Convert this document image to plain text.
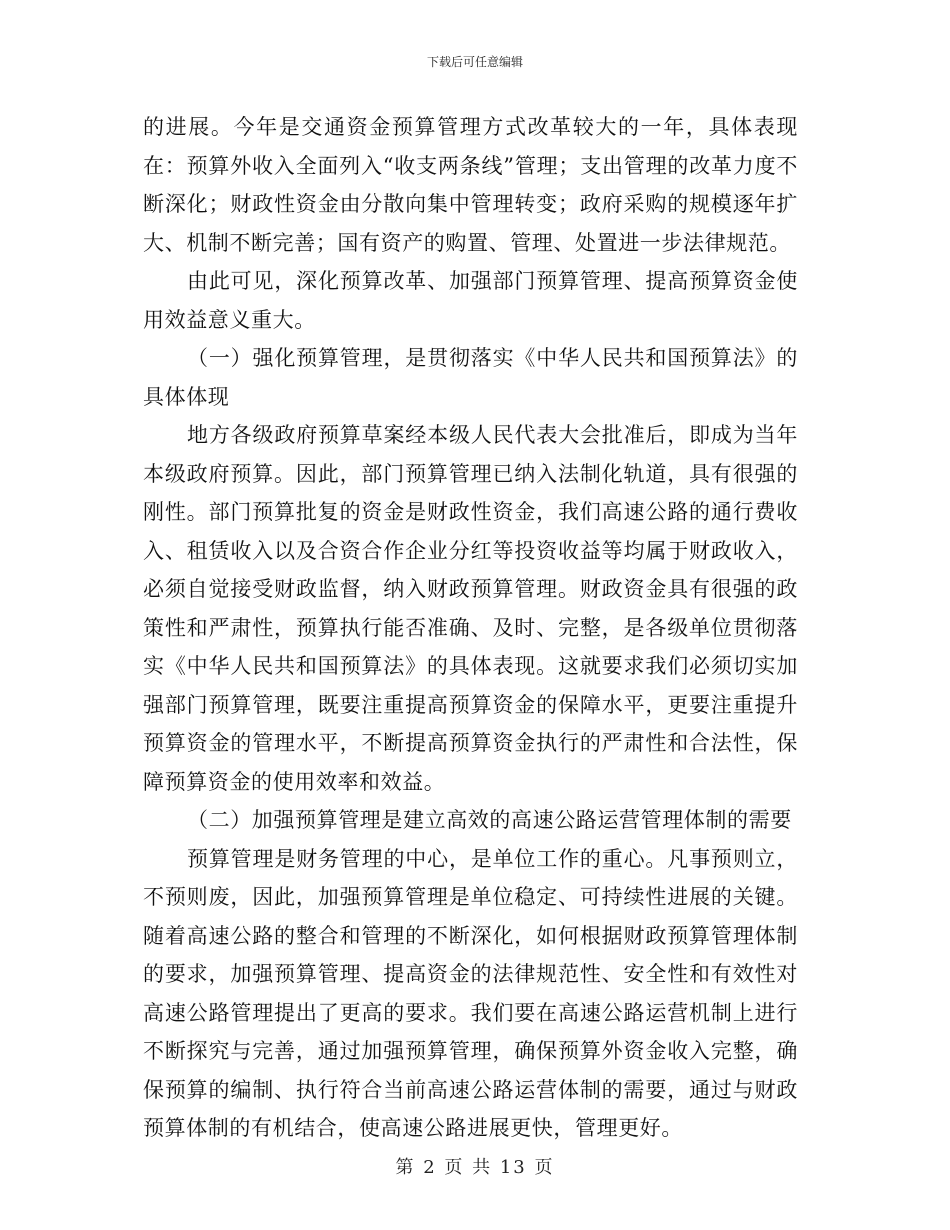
下载后可任意编辑

的进展。今年是交通资金预算管理方式改革较大的一年，具体表现在：预算外收入全面列入“收支两条线”管理；支出管理的改革力度不断深化；财政性资金由分散向集中管理转变；政府采购的规模逐年扩大、机制不断完善；国有资产的购置、管理、处置进一步法律规范。

由此可见，深化预算改革、加强部门预算管理、提高预算资金使用效益意义重大。

（一）强化预算管理，是贯彻落实《中华人民共和国预算法》的具体体现

地方各级政府预算草案经本级人民代表大会批准后，即成为当年本级政府预算。因此，部门预算管理已纳入法制化轨道，具有很强的刚性。部门预算批复的资金是财政性资金，我们高速公路的通行费收入、租赁收入以及合资合作企业分红等投资收益等均属于财政收入，必须自觉接受财政监督，纳入财政预算管理。财政资金具有很强的政策性和严肃性，预算执行能否准确、及时、完整，是各级单位贯彻落实《中华人民共和国预算法》的具体表现。这就要求我们必须切实加强部门预算管理，既要注重提高预算资金的保障水平，更要注重提升预算资金的管理水平，不断提高预算资金执行的严肃性和合法性，保障预算资金的使用效率和效益。

（二）加强预算管理是建立高效的高速公路运营管理体制的需要

预算管理是财务管理的中心，是单位工作的重心。凡事预则立，不预则废，因此，加强预算管理是单位稳定、可持续性进展的关键。随着高速公路的整合和管理的不断深化，如何根据财政预算管理体制的要求，加强预算管理、提高资金的法律规范性、安全性和有效性对高速公路管理提出了更高的要求。我们要在高速公路运营机制上进行不断探究与完善，通过加强预算管理，确保预算外资金收入完整，确保预算的编制、执行符合当前高速公路运营体制的需要，通过与财政预算体制的有机结合，使高速公路进展更快，管理更好。

第 2 页 共 13 页
